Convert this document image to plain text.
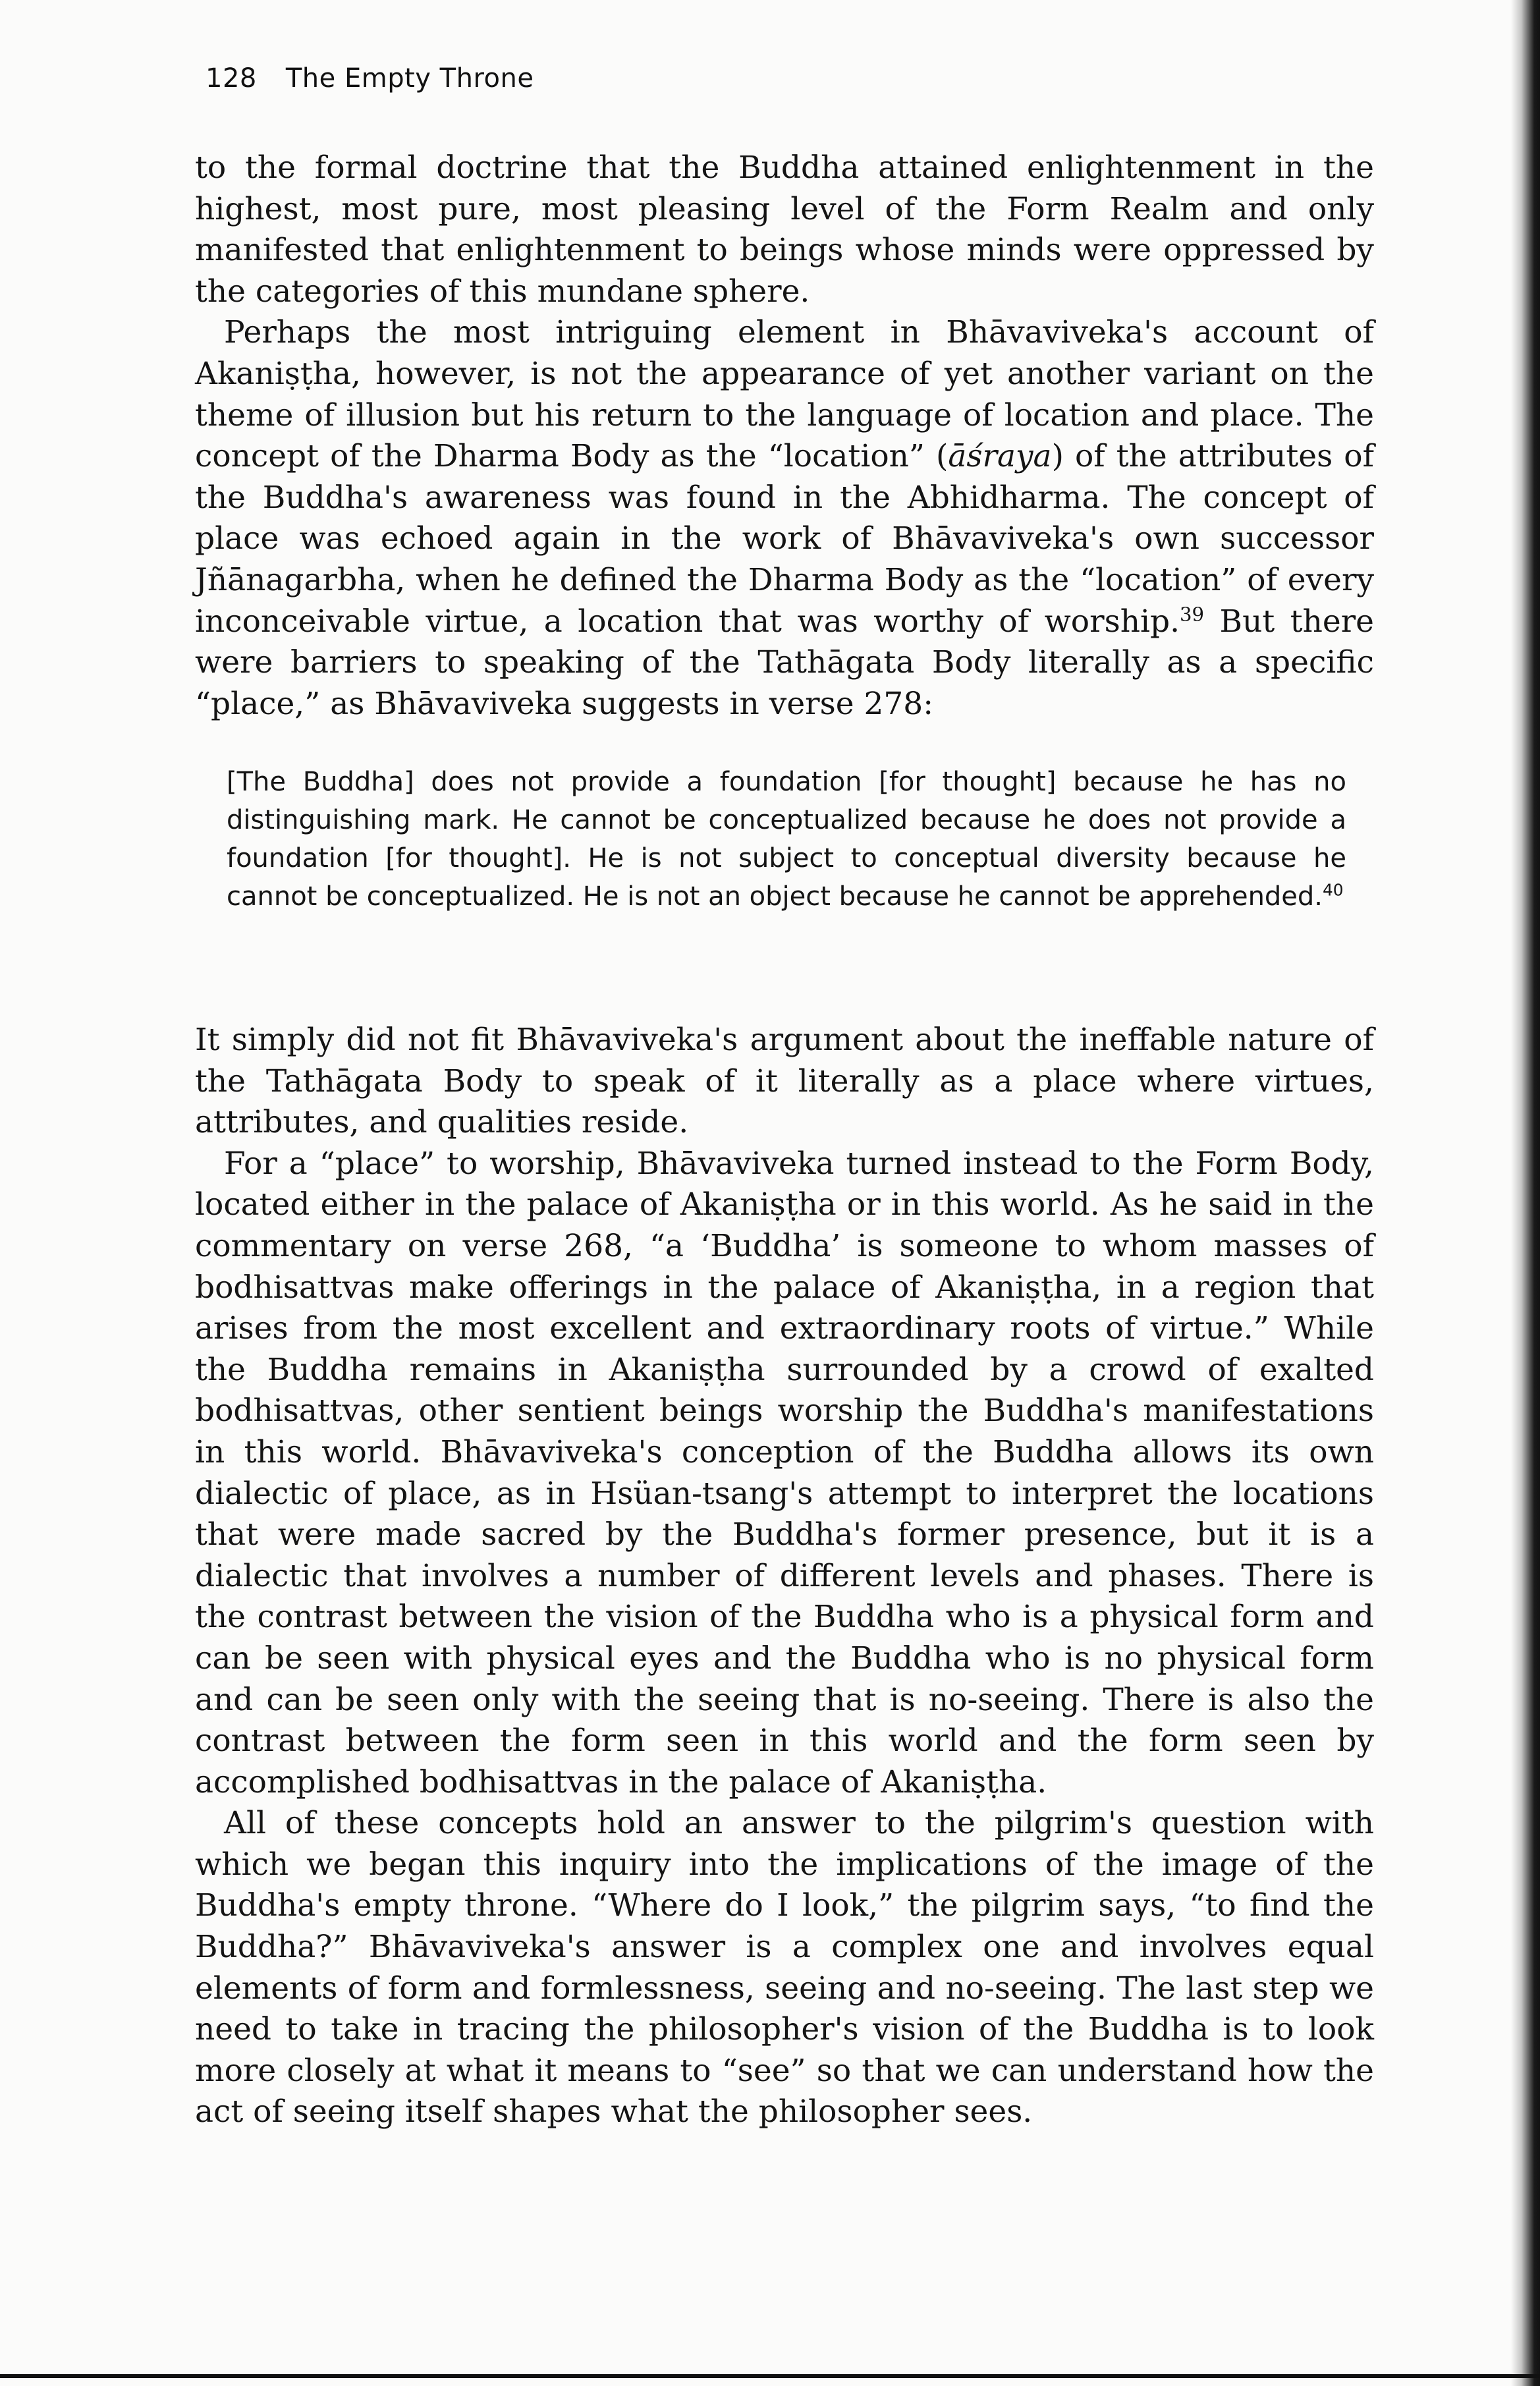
128 The Empty Throne

to the formal doctrine that the Buddha attained enlightenment in the highest, most pure, most pleasing level of the Form Realm and only manifested that enlightenment to beings whose minds were oppressed by the categories of this mundane sphere.

Perhaps the most intriguing element in Bhāvaviveka's account of Akaniṣṭha, however, is not the appearance of yet another variant on the theme of illusion but his return to the language of location and place. The concept of the Dharma Body as the “location” (āśraya) of the attributes of the Buddha's awareness was found in the Abhidharma. The concept of place was echoed again in the work of Bhāvaviveka's own successor Jñānagarbha, when he defined the Dharma Body as the “location” of every inconceivable virtue, a location that was worthy of worship.$^{39}$ But there were barriers to speaking of the Tathāgata Body literally as a specific “place,” as Bhāvaviveka suggests in verse 278:

[The Buddha] does not provide a foundation [for thought] because he has no distinguishing mark. He cannot be conceptualized because he does not provide a foundation [for thought]. He is not subject to conceptual diversity because he cannot be conceptualized. He is not an object because he cannot be apprehended.$^{40}$

It simply did not fit Bhāvaviveka's argument about the ineffable nature of the Tathāgata Body to speak of it literally as a place where virtues, attributes, and qualities reside.

For a “place” to worship, Bhāvaviveka turned instead to the Form Body, located either in the palace of Akaniṣṭha or in this world. As he said in the commentary on verse 268, “a ‘Buddha’ is someone to whom masses of bodhisattvas make offerings in the palace of Akaniṣṭha, in a region that arises from the most excellent and extraordinary roots of virtue.” While the Buddha remains in Akaniṣṭha surrounded by a crowd of exalted bodhisattvas, other sentient beings worship the Buddha's manifestations in this world. Bhāvaviveka's conception of the Buddha allows its own dialectic of place, as in Hsüan-tsang's attempt to interpret the locations that were made sacred by the Buddha's former presence, but it is a dialectic that involves a number of different levels and phases. There is the contrast between the vision of the Buddha who is a physical form and can be seen with physical eyes and the Buddha who is no physical form and can be seen only with the seeing that is no-seeing. There is also the contrast between the form seen in this world and the form seen by accomplished bodhisattvas in the palace of Akaniṣṭha.

All of these concepts hold an answer to the pilgrim's question with which we began this inquiry into the implications of the image of the Buddha's empty throne. “Where do I look,” the pilgrim says, “to find the Buddha?” Bhāvaviveka's answer is a complex one and involves equal elements of form and formlessness, seeing and no-seeing. The last step we need to take in tracing the philosopher's vision of the Buddha is to look more closely at what it means to “see” so that we can understand how the act of seeing itself shapes what the philosopher sees.
